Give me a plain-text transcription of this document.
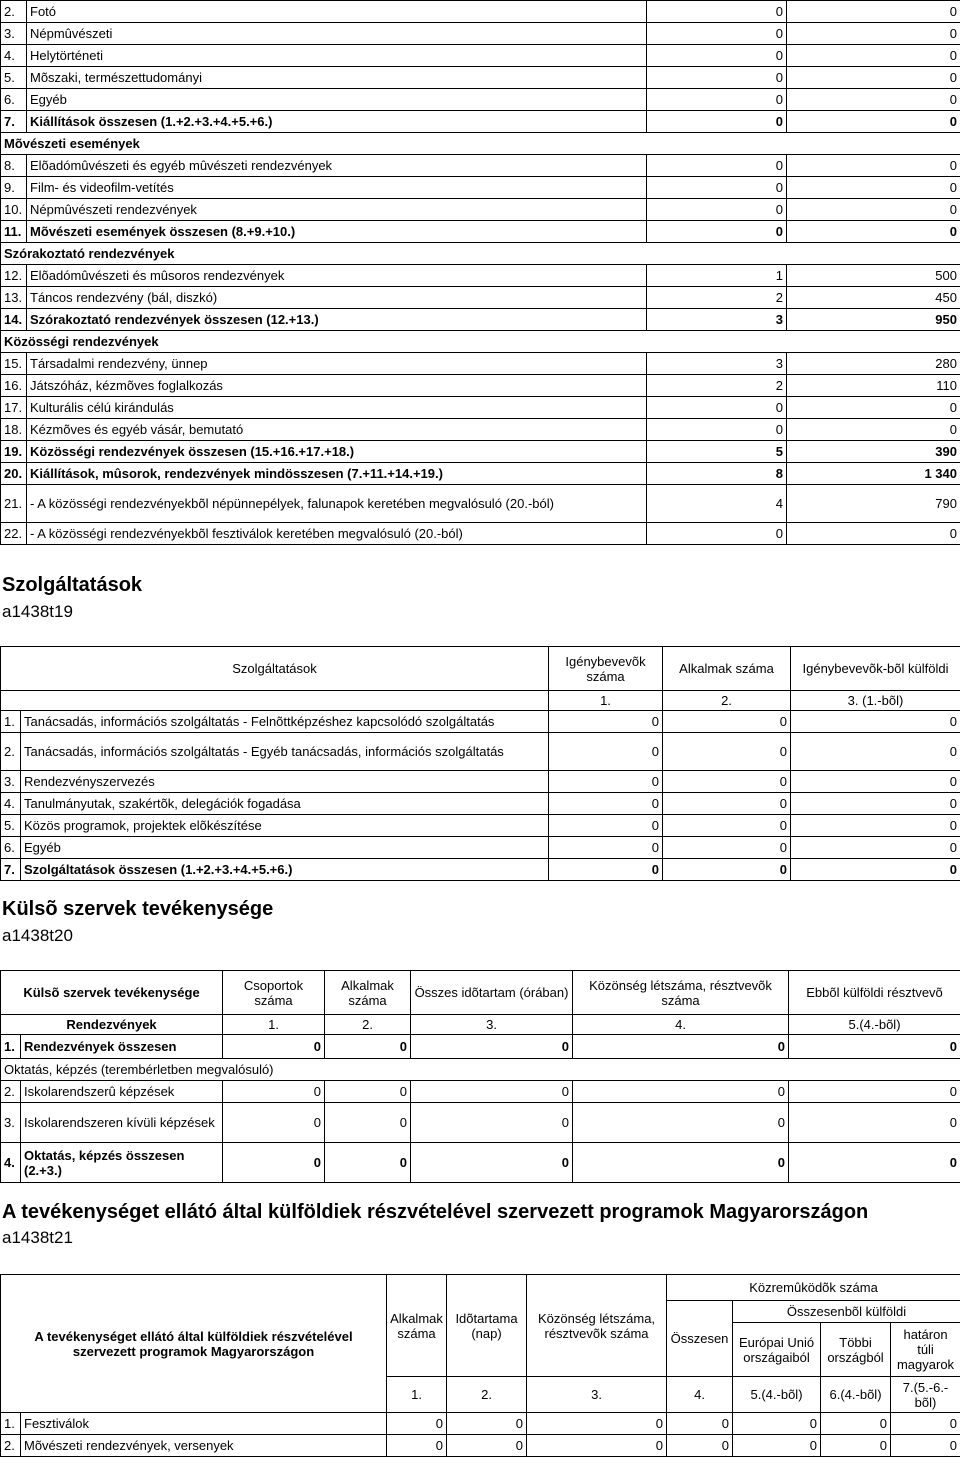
2.	Fotó	0	0
3.	Népmûvészeti	0	0
4.	Helytörténeti	0	0
5.	Mõszaki, természettudományi	0	0
6.	Egyéb	0	0
7.	Kiállítások összesen (1.+2.+3.+4.+5.+6.)	0	0
Mõvészeti események			
8.	Elõadómûvészeti és egyéb mûvészeti rendezvények	0	0
9.	Film- és videofilm-vetítés	0	0
10.	Népmûvészeti rendezvények	0	0
11.	Mõvészeti események összesen (8.+9.+10.)	0	0
Szórakoztató rendezvények			
12.	Elõadómûvészeti és mûsoros rendezvények	1	500
13.	Táncos rendezvény (bál, diszkó)	2	450
14.	Szórakoztató rendezvények összesen (12.+13.)	3	950
Közösségi rendezvények			
15.	Társadalmi rendezvény, ünnep	3	280
16.	Játszóház, kézmõves foglalkozás	2	110
17.	Kulturális célú kirándulás	0	0
18.	Kézmõves és egyéb vásár, bemutató	0	0
19.	Közösségi rendezvények összesen (15.+16.+17.+18.)	5	390
20.	Kiállítások, mûsorok, rendezvények mindösszesen (7.+11.+14.+19.)	8	1 340
21.	- A közösségi rendezvényekbõl népünnepélyek, falunapok keretében megvalósuló (20.-ból)	4	790
22.	- A közösségi rendezvényekbõl fesztiválok keretében megvalósuló (20.-ból)	0	0
Szolgáltatások
a1438t19
Szolgáltatások		Igénybevevõk száma	Alkalmak száma	Igénybevevõk-bõl külföldi
		1.	2.	3. (1.-bõl)
1.	Tanácsadás, információs szolgáltatás - Felnõttképzéshez kapcsolódó szolgáltatás	0	0	0
2.	Tanácsadás, információs szolgáltatás - Egyéb tanácsadás, információs szolgáltatás	0	0	0
3.	Rendezvényszervezés	0	0	0
4.	Tanulmányutak, szakértõk, delegációk fogadása	0	0	0
5.	Közös programok, projektek elõkészítése	0	0	0
6.	Egyéb	0	0	0
7.	Szolgáltatások összesen (1.+2.+3.+4.+5.+6.)	0	0	0
Külsõ szervek tevékenysége
a1438t20
Külsõ szervek tevékenysége		Csoportok száma	Alkalmak száma	Összes idõtartam (órában)	Közönség létszáma, résztvevõk száma	Ebbõl külföldi résztvevõ
Rendezvények		1.	2.	3.	4.	5.(4.-bõl)
1.	Rendezvények összesen	0	0	0	0	0
Oktatás, képzés (terembérletben megvalósuló)						
2.	Iskolarendszerû képzések	0	0	0	0	0
3.	Iskolarendszeren kívüli képzések	0	0	0	0	0
4.	Oktatás, képzés összesen (2.+3.)	0	0	0	0	0
A tevékenységet ellátó által külföldiek részvételével szervezett programok Magyarországon
a1438t21
A tevékenységet ellátó által külföldiek részvételével szervezett programok Magyarországon		Alkalmak száma	Idõtartama (nap)	Közönség létszáma, résztvevõk száma	Közremûködõk száma			
					Összesen	Összesenbõl külföldi		
						Európai Unió országaiból	Többi országból	határon túli magyarok
		1.	2.	3.	4.	5.(4.-bõl)	6.(4.-bõl)	7.(5.-6.-bõl)
1.	Fesztiválok	0	0	0	0	0	0	0
2.	Mõvészeti rendezvények, versenyek	0	0	0	0	0	0	0
